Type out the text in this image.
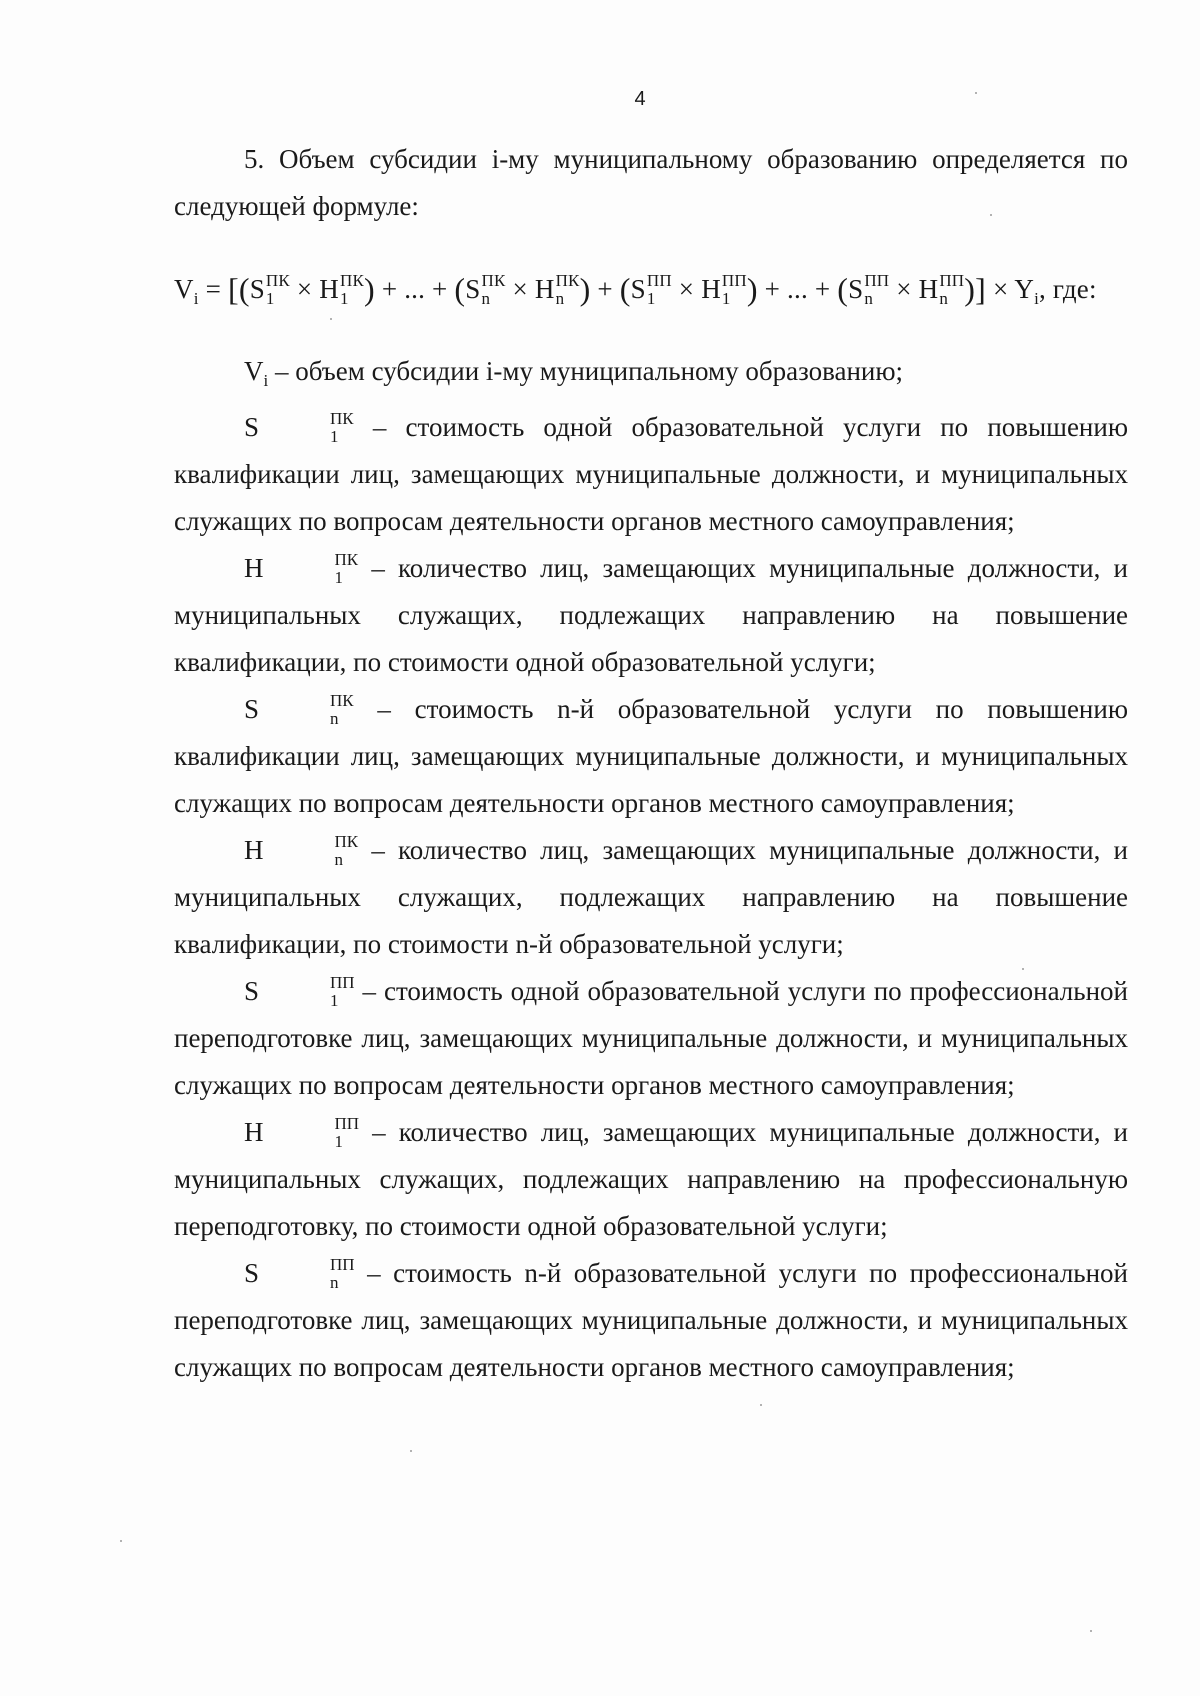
4

5. Объем субсидии i-му муниципальному образованию определяется по следующей формуле:

$V_i = [(S$ ПК
1 × H ПК
1 ) + ... + (S ПК
n × H ПК
n ) + (S ПП
1 × H ПП
1 ) + ... + (S ПП
n × H ПП
n )] × $Y_i$, где:

$V_i$ – объем субсидии i-му муниципальному образованию;

S	ПК
1	– стоимость одной образовательной услуги по повышению квалификации лиц, замещающих муниципальные должности, и муниципальных служащих по вопросам деятельности органов местного самоуправления;

H	ПК
1	– количество лиц, замещающих муниципальные должности, и муниципальных служащих, подлежащих направлению на повышение квалификации, по стоимости одной образовательной услуги;

S	ПК
n	– стоимость n-й образовательной услуги по повышению квалификации лиц, замещающих муниципальные должности, и муниципальных служащих по вопросам деятельности органов местного самоуправления;

H	ПК
n	– количество лиц, замещающих муниципальные должности, и муниципальных служащих, подлежащих направлению на повышение квалификации, по стоимости n-й образовательной услуги;

S	ПП
1 – стоимость одной образовательной услуги по профессиональной переподготовке лиц, замещающих муниципальные должности, и муниципальных служащих по вопросам деятельности органов местного самоуправления;

H	ПП
1	– количество лиц, замещающих муниципальные должности, и муниципальных служащих, подлежащих направлению на профессиональную переподготовку, по стоимости одной образовательной услуги;

S	ПП
n	– стоимость n-й образовательной услуги по профессиональной переподготовке лиц, замещающих муниципальные должности, и муниципальных служащих по вопросам деятельности органов местного самоуправления;
